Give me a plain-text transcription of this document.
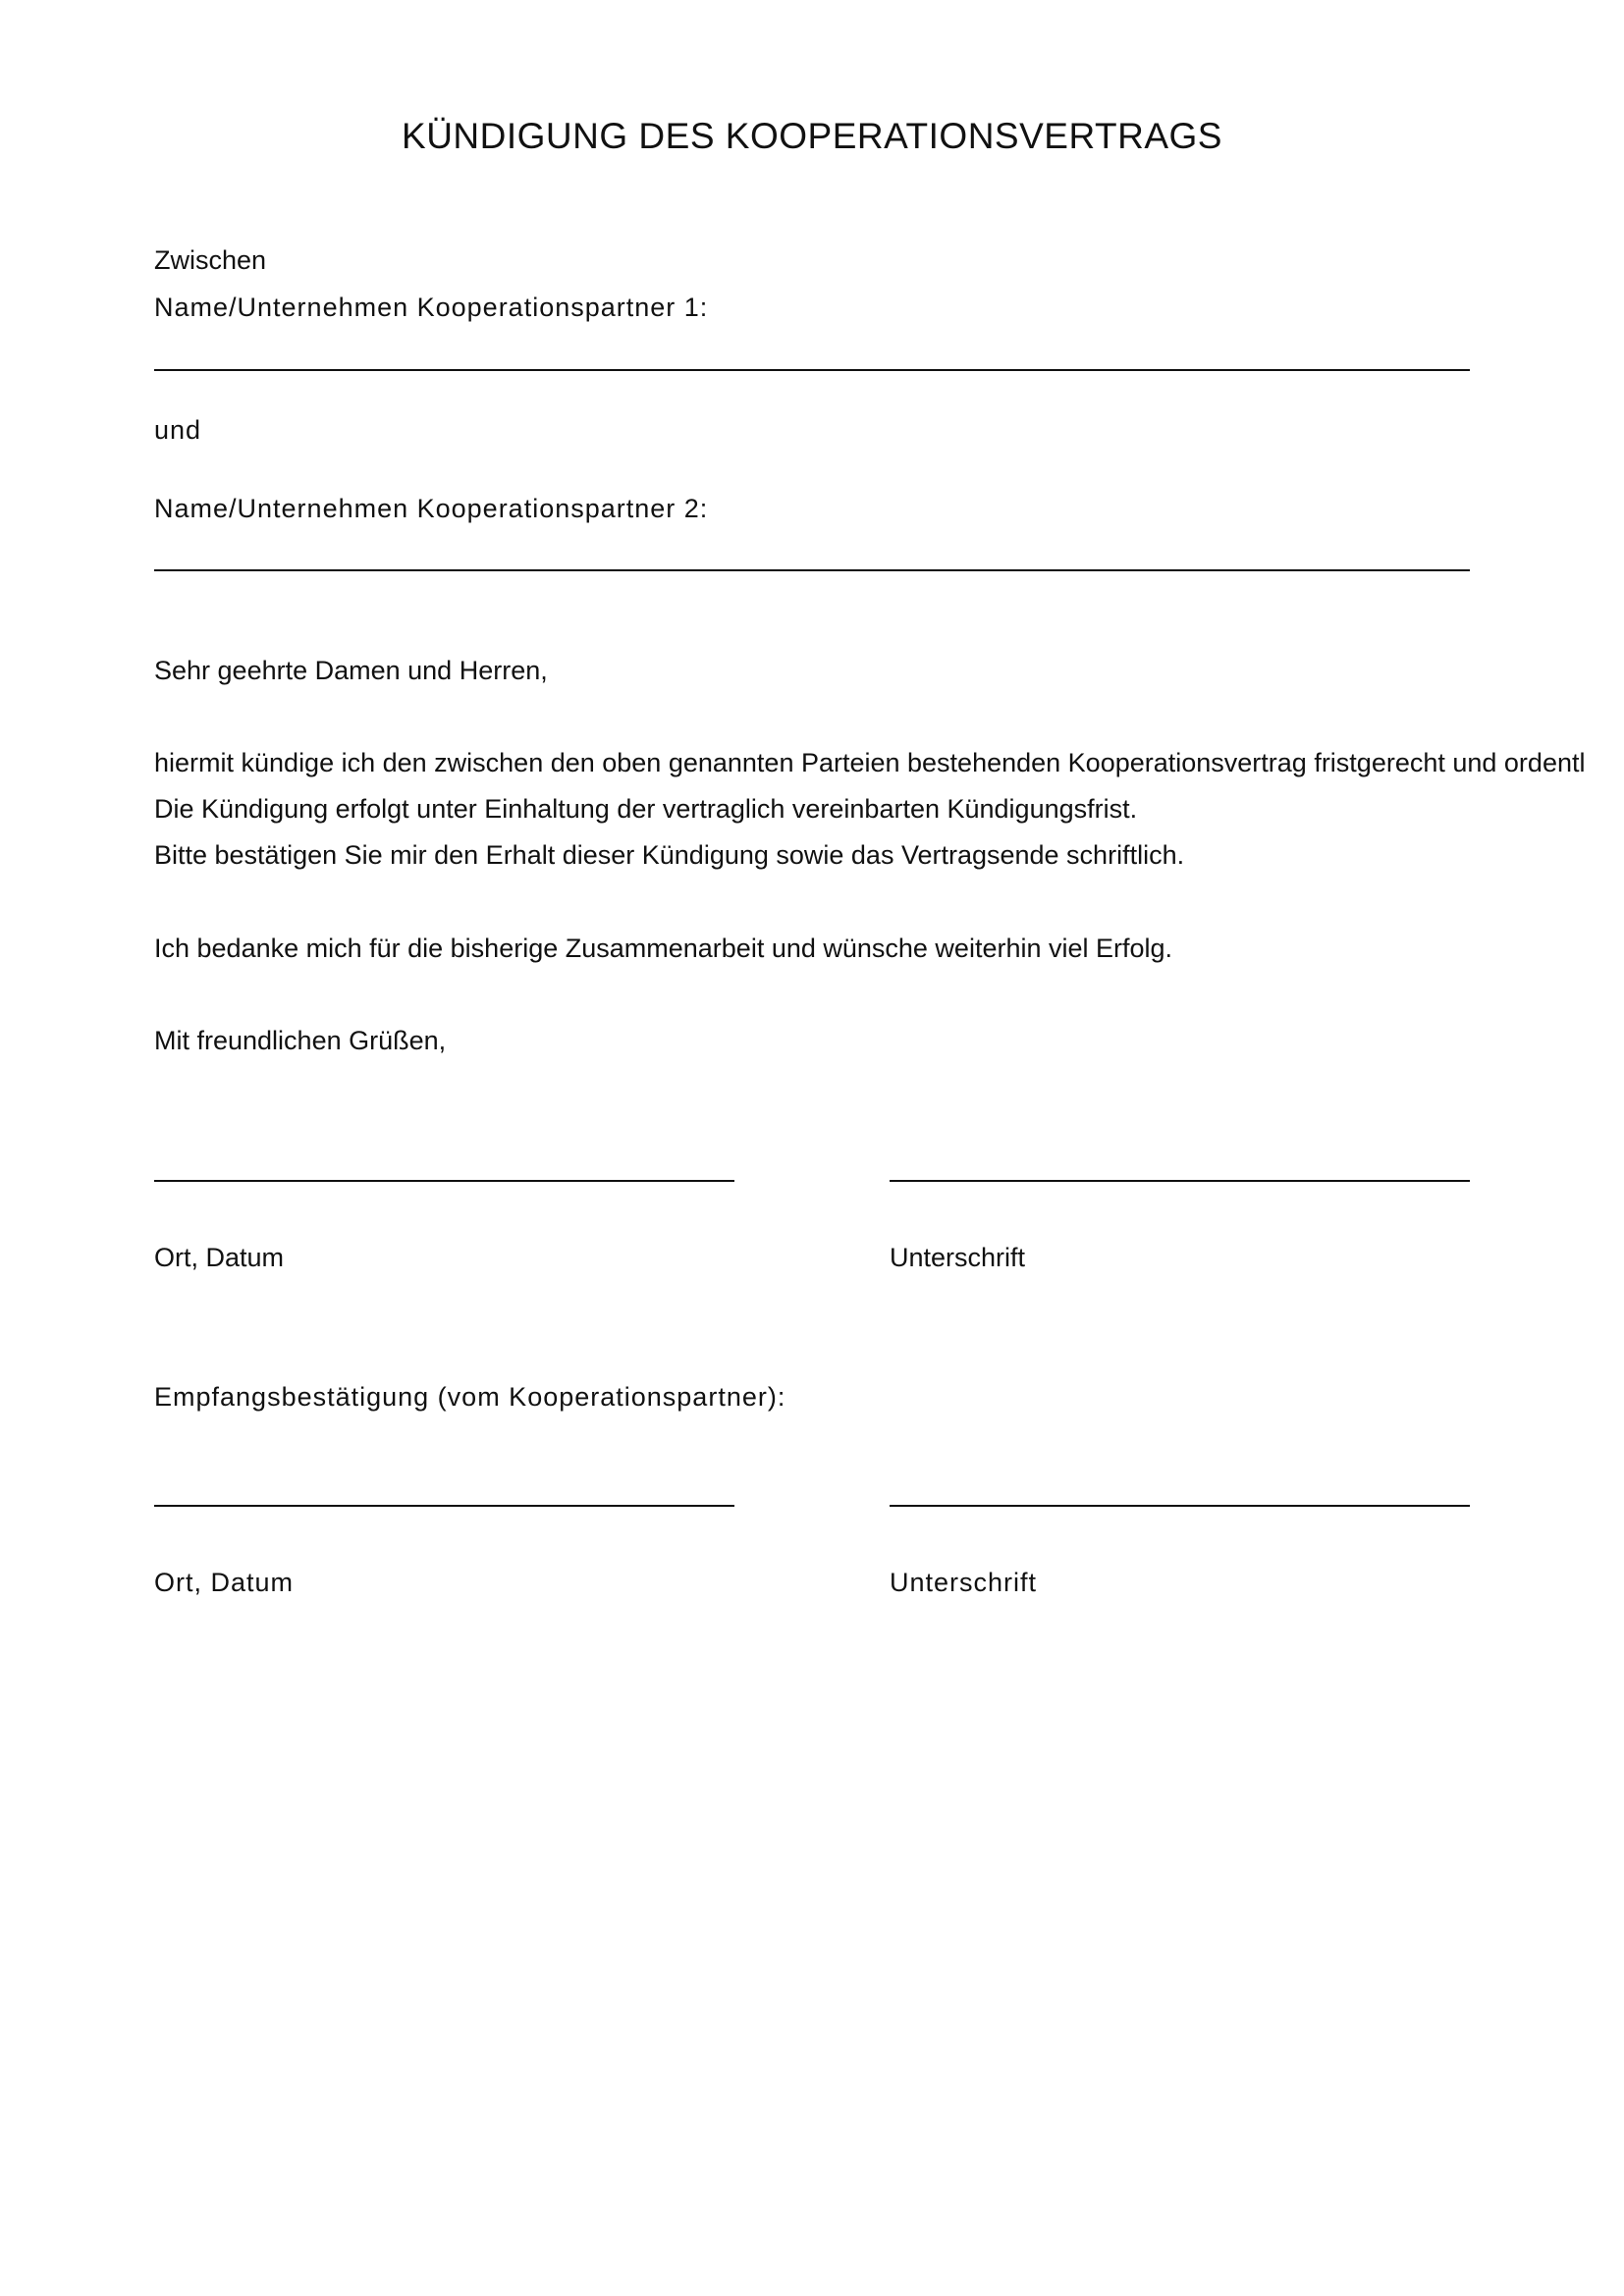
KÜNDIGUNG DES KOOPERATIONSVERTRAGS
Zwischen
Name/Unternehmen Kooperationspartner 1:
und
Name/Unternehmen Kooperationspartner 2:
Sehr geehrte Damen und Herren,
hiermit kündige ich den zwischen den oben genannten Parteien bestehenden Kooperationsvertrag fristgerecht und ordentl
Die Kündigung erfolgt unter Einhaltung der vertraglich vereinbarten Kündigungsfrist.
Bitte bestätigen Sie mir den Erhalt dieser Kündigung sowie das Vertragsende schriftlich.
Ich bedanke mich für die bisherige Zusammenarbeit und wünsche weiterhin viel Erfolg.
Mit freundlichen Grüßen,
Ort, Datum	Unterschrift
Empfangsbestätigung (vom Kooperationspartner):
Ort, Datum	Unterschrift
